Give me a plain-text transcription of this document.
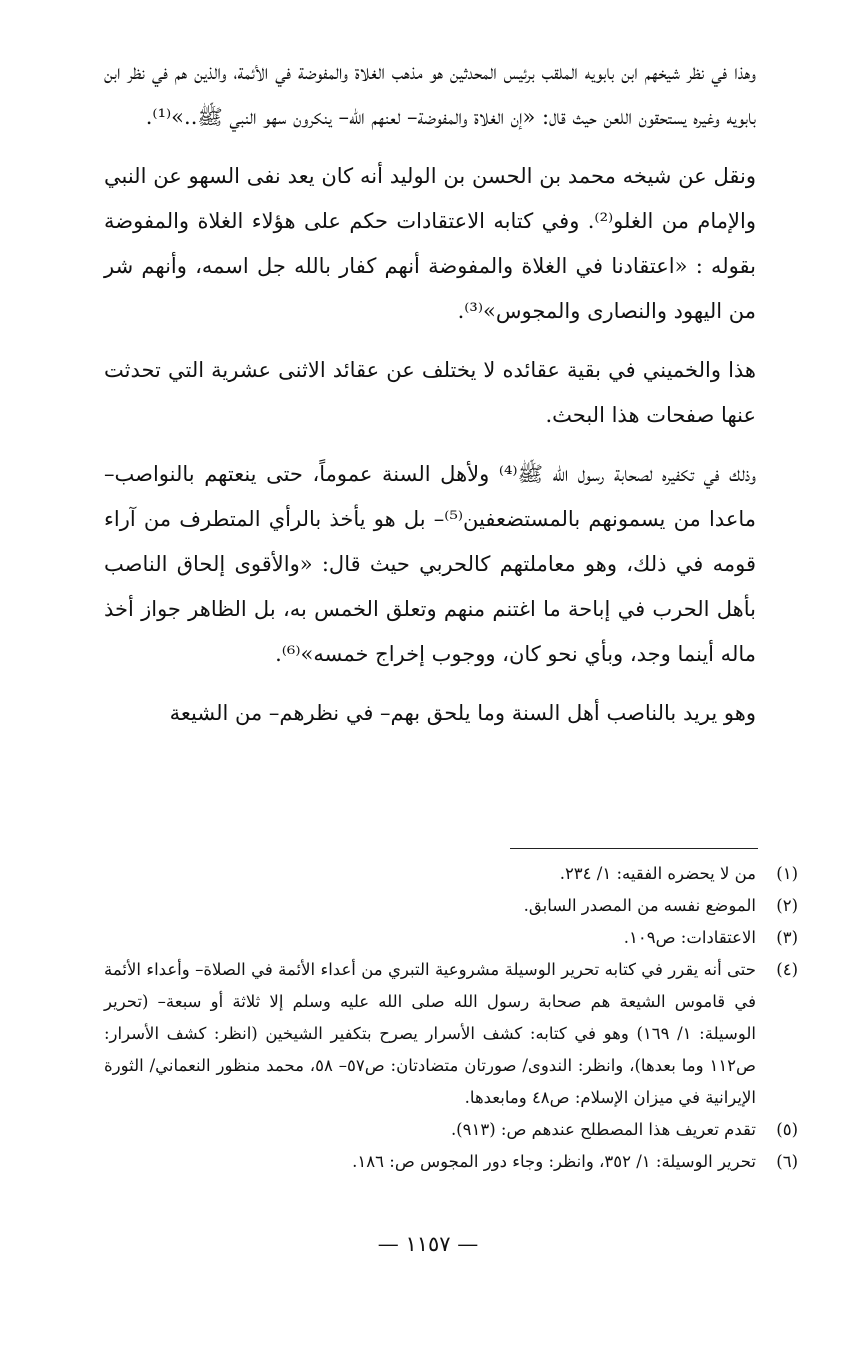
وهذا في نظر شيخهم ابن بابويه الملقب برئيس المحدثين هو مذهب الغلاة والمفوضة في الأئمة، والذين هم في نظر ابن بابويه وغيره يستحقون اللعن حيث قال: «إن الغلاة والمفوضة– لعنهم الله– ينكرون سهو النبي ﷺ..»⁽¹⁾.

ونقل عن شيخه محمد بن الحسن بن الوليد أنه كان يعد نفى السهو عن النبي والإمام من الغلو⁽²⁾. وفي كتابه الاعتقادات حكم على هؤلاء الغلاة والمفوضة بقوله : «اعتقادنا في الغلاة والمفوضة أنهم كفار بالله جل اسمه، وأنهم شر من اليهود والنصارى والمجوس»⁽³⁾.

هذا والخميني في بقية عقائده لا يختلف عن عقائد الاثنى عشرية التي تحدثت عنها صفحات هذا البحث.

وذلك في تكفيره لصحابة رسول الله ﷺ⁽⁴⁾ ولأهل السنة عموماً، حتى ينعتهم بالنواصب– ماعدا من يسمونهم بالمستضعفين⁽⁵⁾– بل هو يأخذ بالرأي المتطرف من آراء قومه في ذلك، وهو معاملتهم كالحربي حيث قال: «والأقوى إلحاق الناصب بأهل الحرب في إباحة ما اغتنم منهم وتعلق الخمس به، بل الظاهر جواز أخذ ماله أينما وجد، وبأي نحو كان، ووجوب إخراج خمسه»⁽⁶⁾.

وهو يريد بالناصب أهل السنة وما يلحق بهم– في نظرهم– من الشيعة

(١)
من لا يحضره الفقيه: ١/ ٢٣٤.
(٢)
الموضع نفسه من المصدر السابق.
(٣)
الاعتقادات: ص١٠٩.
(٤)
حتى أنه يقرر في كتابه تحرير الوسيلة مشروعية التبري من أعداء الأئمة في الصلاة– وأعداء الأئمة في قاموس الشيعة هم صحابة رسول الله صلى الله عليه وسلم إلا ثلاثة أو سبعة– (تحرير الوسيلة: ١/ ١٦٩) وهو في كتابه: كشف الأسرار يصرح بتكفير الشيخين (انظر: كشف الأسرار: ص١١٢ وما بعدها)، وانظر: الندوى/ صورتان متضادتان: ص٥٧– ٥٨، محمد منظور النعماني/ الثورة الإيرانية في ميزان الإسلام: ص٤٨ ومابعدها.
(٥)
تقدم تعريف هذا المصطلح عندهم ص: (٩١٣).
(٦)
تحرير الوسيلة: ١/ ٣٥٢، وانظر: وجاء دور المجوس ص: ١٨٦.
— ١١٥٧ —
